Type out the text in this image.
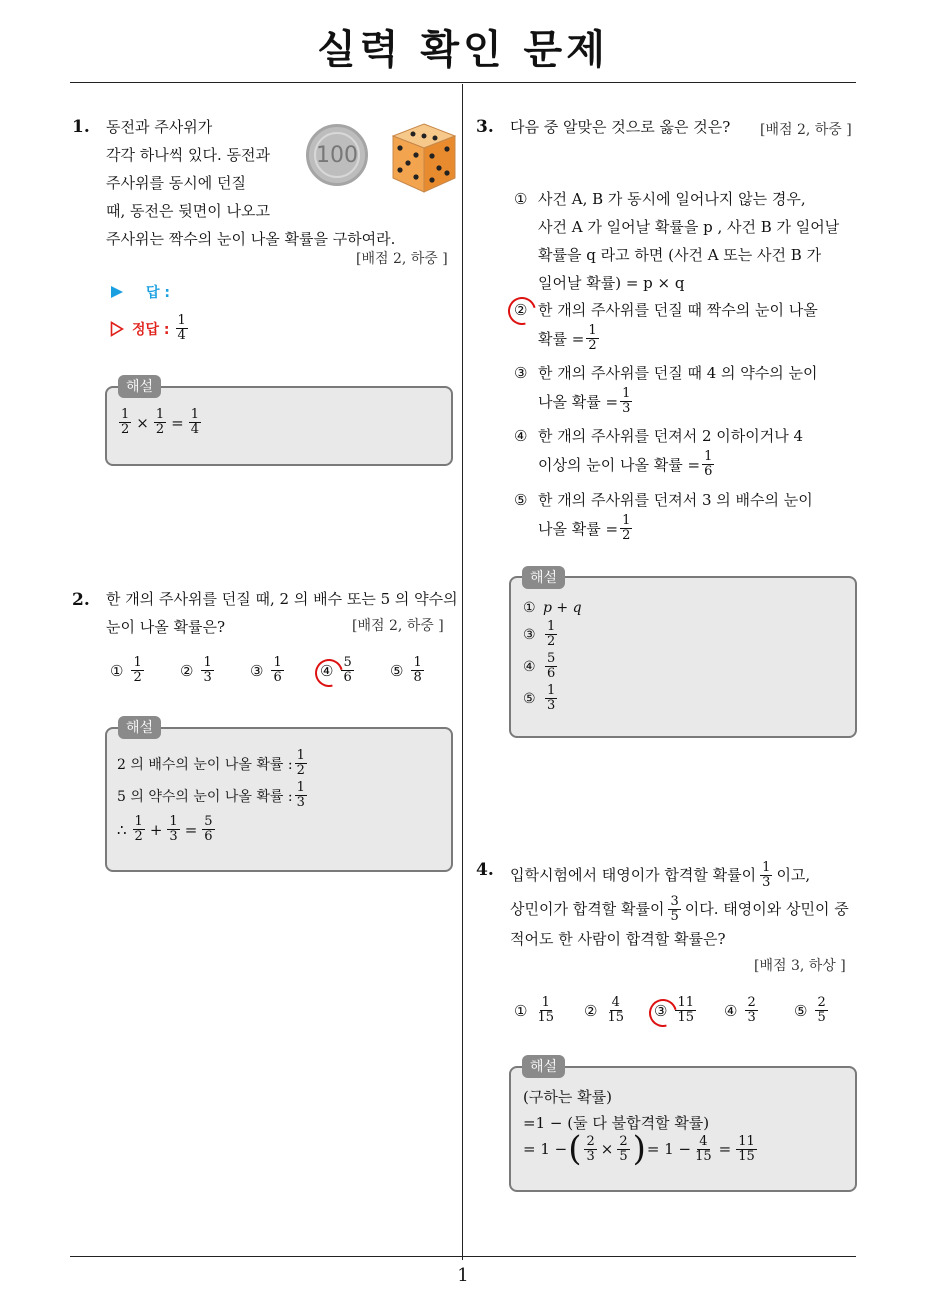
실력 확인 문제
1
1. 동전과 주사위가
각각 하나씩 있다. 동전과
주사위를 동시에 던질
때, 동전은 뒷면이 나오고
주사위는 짝수의 눈이 나올 확률을 구하여라.
100
[배점 2, 하중 ]
답 :
정답 : $\frac{1}{4}$
$\frac{1}{2} \times \frac{1}{2} = \frac{1}{4}$
해설
2. 한 개의 주사위를 던질 때, 2 의 배수 또는 5 의 약수의
눈이 나올 확률은?	[배점 2, 하중 ]
① $\frac{1}{2}$ ② $\frac{1}{3}$ ③ $\frac{1}{6}$ ④ $\frac{5}{6}$ ⑤ $\frac{1}{8}$
2 의 배수의 눈이 나올 확률 : $\frac{1}{2}$
5 의 약수의 눈이 나올 확률 : $\frac{1}{3}$
∴ $\frac{1}{2} + \frac{1}{3} = \frac{5}{6}$
해설
3. 다음 중 알맞은 것으로 옳은 것은? [배점 2, 하중 ]
① 사건 A, B 가 동시에 일어나지 않는 경우,
사건 A 가 일어날 확률을 p , 사건 B 가 일어날
확률을 q 라고 하면 (사건 A 또는 사건 B 가
일어날 확률) = p × q
② 한 개의 주사위를 던질 때 짝수의 눈이 나올
확률 = $\frac{1}{2}$
③ 한 개의 주사위를 던질 때 4 의 약수의 눈이
나올 확률 = $\frac{1}{3}$
④ 한 개의 주사위를 던져서 2 이하이거나 4
이상의 눈이 나올 확률 = $\frac{1}{6}$
⑤ 한 개의 주사위를 던져서 3 의 배수의 눈이
나올 확률 = $\frac{1}{2}$
① p + q
③ $\frac{1}{2}$
④ $\frac{5}{6}$
⑤ $\frac{1}{3}$
해설
4. 입학시험에서 태영이가 합격할 확률이 $\frac{1}{3}$ 이고,
상민이가 합격할 확률이 $\frac{3}{5}$ 이다. 태영이와 상민이 중
적어도 한 사람이 합격할 확률은?
[배점 3, 하상 ]
① $\frac{1}{15}$ ② $\frac{4}{15}$ ③ $\frac{11}{15}$ ④ $\frac{2}{3}$ ⑤ $\frac{2}{5}$
(구하는 확률)
=1 − (둘 다 불합격할 확률)
= 1 − ( $\frac{2}{3} \times \frac{2}{5}$ ) = $1 - \frac{4}{15} = \frac{11}{15}$
해설
